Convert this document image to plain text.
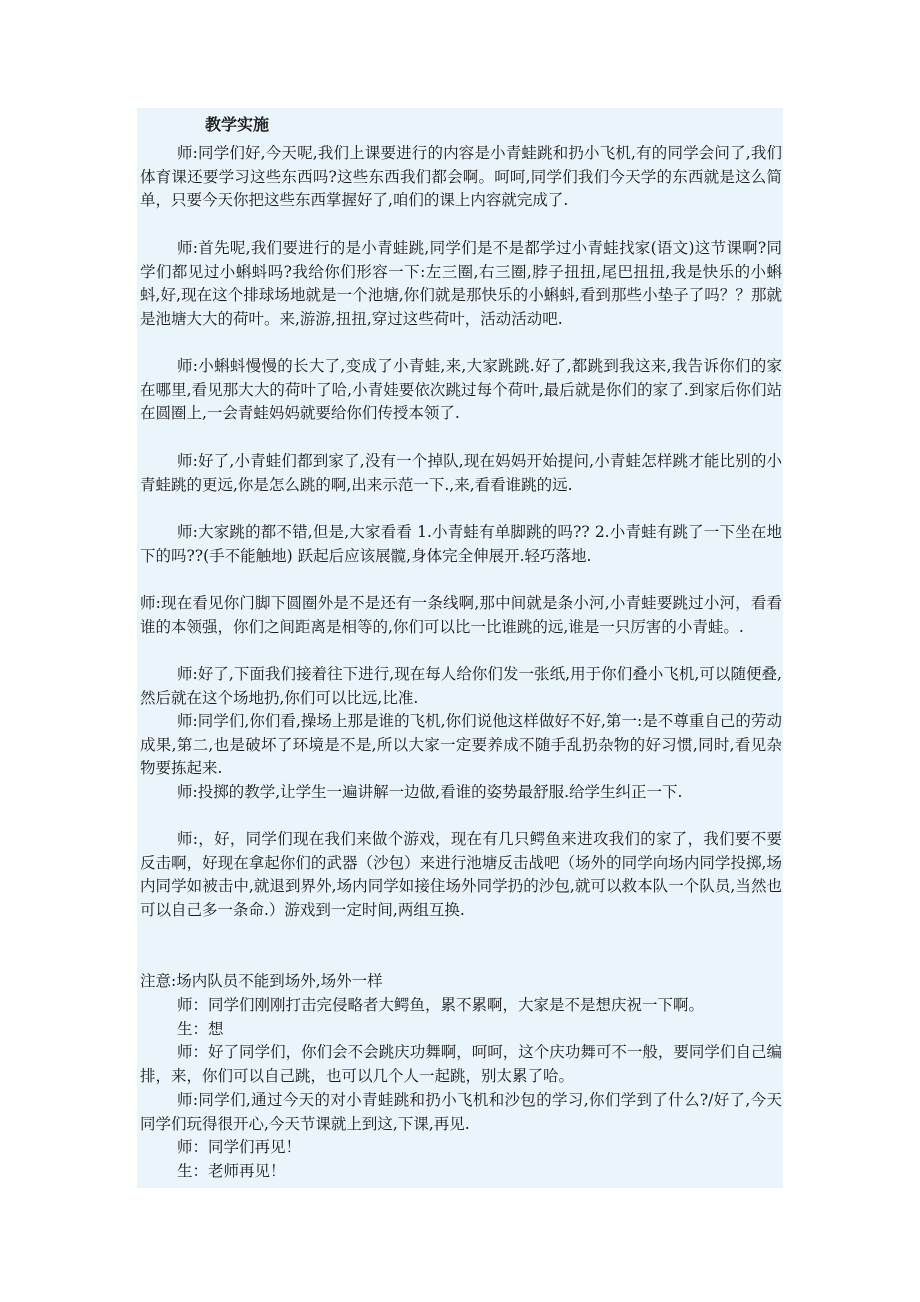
教学实施

师:同学们好,今天呢,我们上课要进行的内容是小青蛙跳和扔小飞机,有的同学会问了,我们体育课还要学习这些东西吗?这些东西我们都会啊。呵呵,同学们我们今天学的东西就是这么简单，只要今天你把这些东西掌握好了,咱们的课上内容就完成了.

师:首先呢,我们要进行的是小青蛙跳,同学们是不是都学过小青蛙找家(语文)这节课啊?同学们都见过小蝌蚪吗?我给你们形容一下:左三圈,右三圈,脖子扭扭,尾巴扭扭,我是快乐的小蝌蚪,好,现在这个排球场地就是一个池塘,你们就是那快乐的小蝌蚪,看到那些小垫子了吗？？那就是池塘大大的荷叶。来,游游,扭扭,穿过这些荷叶，活动活动吧.

师:小蝌蚪慢慢的长大了,变成了小青蛙,来,大家跳跳.好了,都跳到我这来,我告诉你们的家在哪里,看见那大大的荷叶了哈,小青娃要依次跳过每个荷叶,最后就是你们的家了.到家后你们站在圆圈上,一会青蛙妈妈就要给你们传授本领了.

师:好了,小青蛙们都到家了,没有一个掉队,现在妈妈开始提问,小青蛙怎样跳才能比别的小青蛙跳的更远,你是怎么跳的啊,出来示范一下.,来,看看谁跳的远.

师:大家跳的都不错,但是,大家看看 1.小青蛙有单脚跳的吗?? 2.小青蛙有跳了一下坐在地下的吗??(手不能触地) 跃起后应该展髋,身体完全伸展开.轻巧落地.

师:现在看见你门脚下圆圈外是不是还有一条线啊,那中间就是条小河,小青蛙要跳过小河，看看谁的本领强，你们之间距离是相等的,你们可以比一比谁跳的远,谁是一只厉害的小青蛙。.

师:好了,下面我们接着往下进行,现在每人给你们发一张纸,用于你们叠小飞机,可以随便叠,然后就在这个场地扔,你们可以比远,比准.

师:同学们,你们看,操场上那是谁的飞机,你们说他这样做好不好,第一:是不尊重自己的劳动成果,第二,也是破坏了环境是不是,所以大家一定要养成不随手乱扔杂物的好习惯,同时,看见杂物要拣起来.

师:投掷的教学,让学生一遍讲解一边做,看谁的姿势最舒服.给学生纠正一下.

师:，好，同学们现在我们来做个游戏，现在有几只鳄鱼来进攻我们的家了，我们要不要反击啊，好现在拿起你们的武器（沙包）来进行池塘反击战吧（场外的同学向场内同学投掷,场内同学如被击中,就退到界外,场内同学如接住场外同学扔的沙包,就可以救本队一个队员,当然也可以自己多一条命.）游戏到一定时间,两组互换.

注意:场内队员不能到场外,场外一样

师：同学们刚刚打击完侵略者大鳄鱼，累不累啊，大家是不是想庆祝一下啊。

生：想

师：好了同学们，你们会不会跳庆功舞啊，呵呵，这个庆功舞可不一般，要同学们自己编排，来，你们可以自己跳，也可以几个人一起跳，别太累了哈。

师:同学们,通过今天的对小青蛙跳和扔小飞机和沙包的学习,你们学到了什么?/好了,今天同学们玩得很开心,今天节课就上到这,下课,再见.

师：同学们再见！

生：老师再见！
